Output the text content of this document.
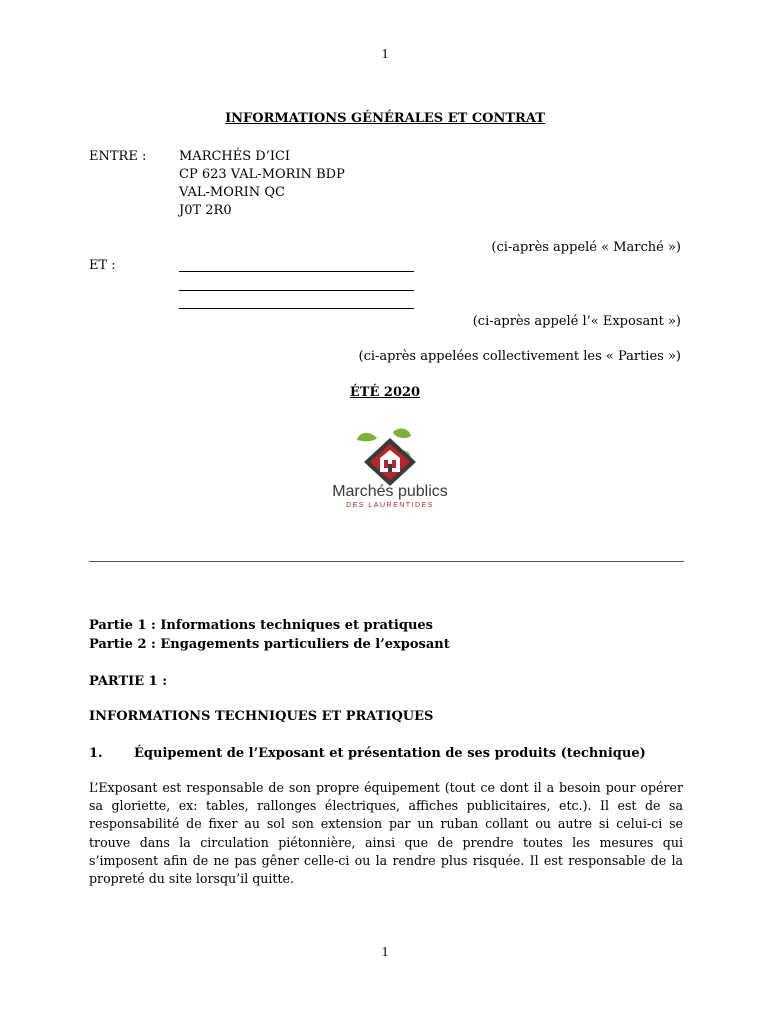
1
INFORMATIONS GÉNÉRALES ET CONTRAT
ENTRE :	MARCHÉS D’ICI
CP 623 VAL-MORIN BDP
VAL-MORIN QC
J0T 2R0
(ci-après appelé « Marché »)
ET :
(ci-après appelé l’« Exposant »)
(ci-après appelées collectivement les « Parties »)
ÉTÉ 2020
Marchés publics
DES LAURENTIDES
Partie 1 : Informations techniques et pratiques
Partie 2 : Engagements particuliers de l’exposant
PARTIE 1 :
INFORMATIONS TECHNIQUES ET PRATIQUES
1. Équipement de l’Exposant et présentation de ses produits (technique)
L’Exposant est responsable de son propre équipement (tout ce dont il a besoin pour opérer sa gloriette, ex: tables, rallonges électriques, affiches publicitaires, etc.). Il est de sa responsabilité de fixer au sol son extension par un ruban collant ou autre si celui-ci se trouve dans la circulation piétonnière, ainsi que de prendre toutes les mesures qui s’imposent afin de ne pas gêner celle-ci ou la rendre plus risquée. Il est responsable de la propreté du site lorsqu’il quitte.
1
